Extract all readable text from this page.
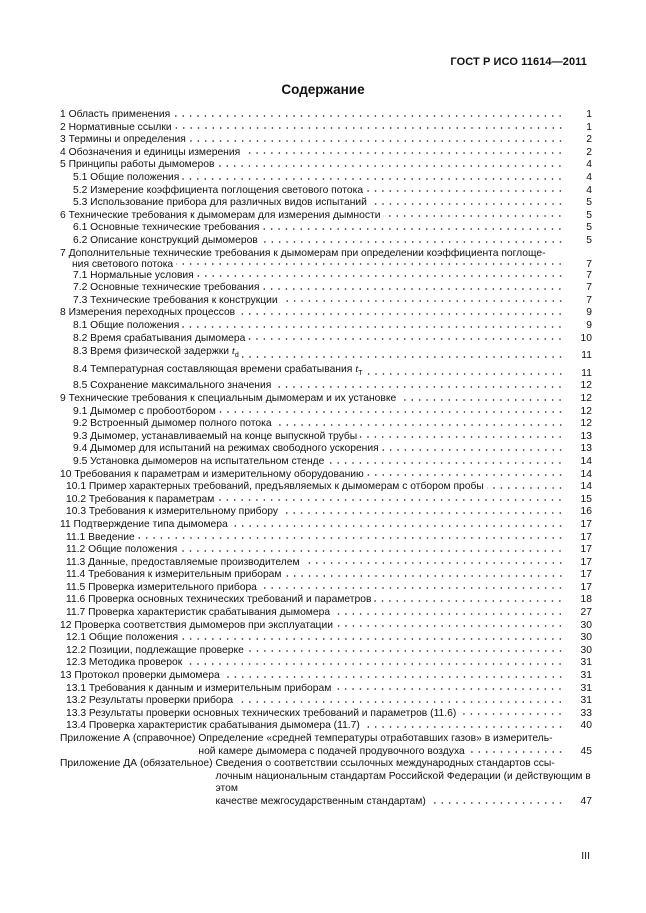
ГОСТ Р ИСО 11614—2011
Содержание
1 Область применения	1
2 Нормативные ссылки	1
3 Термины и определения	2
4 Обозначения и единицы измерения	2
5 Принципы работы дымомеров	4
5.1 Общие положения	4
5.2 Измерение коэффициента поглощения светового потока	4
5.3 Использование прибора для различных видов испытаний	5
6 Технические требования к дымомерам для измерения дымности	5
6.1 Основные технические требования	5
6.2 Описание конструкций дымомеров	5
7 Дополнительные технические требования к дымомерам при определении коэффициента поглоще-
ния светового потока	7
7.1 Нормальные условия	7
7.2 Основные технические требования	7
7.3 Технические требования к конструкции	7
8 Измерения переходных процессов	9
8.1 Общие положения	9
8.2 Время срабатывания дымомера	10
8.3 Время физической задержки $t_d$	11
8.4 Температурная составляющая времени срабатывания $t_T$	11
8.5 Сохранение максимального значения	12
9 Технические требования к специальным дымомерам и их установке	12
9.1 Дымомер с пробоотбором	12
9.2 Встроенный дымомер полного потока	12
9.3 Дымомер, устанавливаемый на конце выпускной трубы	13
9.4 Дымомер для испытаний на режимах свободного ускорения	13
9.5 Установка дымомеров на испытательном стенде	14
10 Требования к параметрам и измерительному оборудованию	14
10.1 Пример характерных требований, предъявляемых к дымомерам с отбором пробы	14
10.2 Требования к параметрам	15
10.3 Требования к измерительному прибору	16
11 Подтверждение типа дымомера	17
11.1 Введение	17
11.2 Общие положения	17
11.3 Данные, предоставляемые производителем	17
11.4 Требования к измерительным приборам	17
11.5 Проверка измерительного прибора	17
11.6 Проверка основных технических требований и параметров	18
11.7 Проверка характеристик срабатывания дымомера	27
12 Проверка соответствия дымомеров при эксплуатации	30
12.1 Общие положения	30
12.2 Позиции, подлежащие проверке	30
12.3 Методика проверок	31
13 Протокол проверки дымомера	31
13.1 Требования к данным и измерительным приборам	31
13.2 Результаты проверки прибора	31
13.3 Результаты проверки основных технических требований и параметров (11.6)	33
13.4 Проверка характеристик срабатывания дымомера (11.7)	40
Приложение А (справочное) Определение «средней температуры отработавших газов» в измеритель-
ной камере дымомера с подачей продувочного воздуха	45
Приложение ДА (обязательное) Сведения о соответствии ссылочных международных стандартов ссы-
лочным национальным стандартам Российской Федерации (и действующим в этом
качестве межгосударственным стандартам)	47
III
